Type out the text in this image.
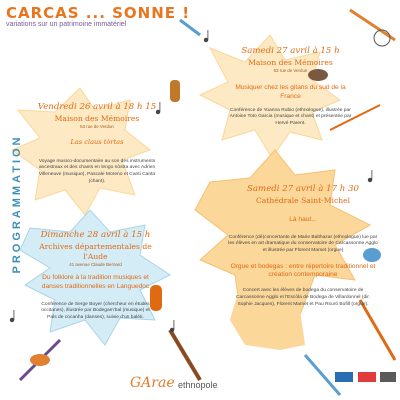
CARCAS ... SONNE !
variations sur un patrimoine immatériel
PROGRAMMATION
Samedi 27 avril à 15 h
Maison des Mémoires
53 rue de Verdun
Musiquer chez les gitans du sud de la France
Conférence de Yoanna Rubio (ethnologue), illustrée par Antoine Toto Garcia (musique et chant) et présentée par Hervé Parent.
Vendredi 26 avril à 18 h 15
Maison des Mémoires
53 rue de Verdun
Las claus tòrtas
Voyage musico-documentaire au son des instruments ancestraux et des chants en lengo nòstra avec Adrien Villeneuve (musique), Pascale Moreno et Canti Canta (chant).
Samedi 27 avril à 17 h 30
Cathédrale Saint-Michel
Là haut...
Conférence (dé)concertante de Marie Balthazar (ethnologue) lue par les élèves en art dramatique du conservatoire de Carcassonne Agglo et illustrée par Florent Mamet (orgue)
Orgue et bodegas : entre répertoire traditionnel et création contemporaine
Concert avec les élèves de bodega du conservatoire de Carcassonne Agglo et l'Escòla de Bodega de Villardonnel (dir. Sophie Jacques), Florent Mamet et Pau Rsuró Bofill (orgue).
Dimanche 28 avril à 15 h
Archives départementales de l'Aude
41 avenue Claude Bernard
Du folklore à la tradition musiques et danses traditionnelles en Languedoc
Conférence de Serge Boyer (chercheur en études occitanes), illustrée par Bodegam'bal (musique) et Pals de cocanha (danses), suivie d'un balèti.
GArae ethnopole
